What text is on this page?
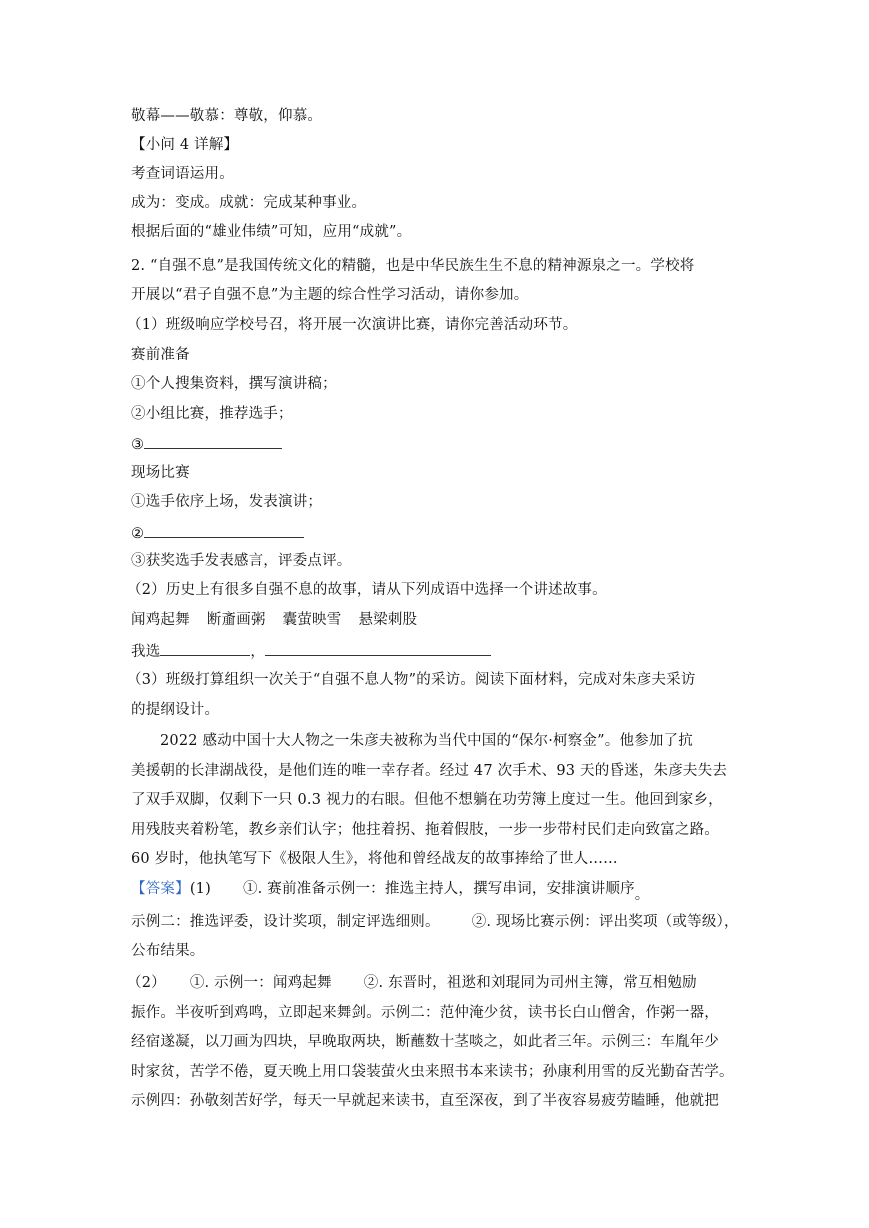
敬幕——敬慕：尊敬，仰慕。
【小问 4 详解】
考查词语运用。
成为：变成。成就：完成某种事业。
根据后面的“雄业伟绩”可知，应用“成就”。
2. “自强不息”是我国传统文化的精髓，也是中华民族生生不息的精神源泉之一。学校将
开展以“君子自强不息”为主题的综合性学习活动，请你参加。
（1）班级响应学校号召，将开展一次演讲比赛，请你完善活动环节。
赛前准备
①个人搜集资料，撰写演讲稿；
②小组比赛，推荐选手；
③
现场比赛
①选手依序上场，发表演讲；
②
③获奖选手发表感言，评委点评。
（2）历史上有很多自强不息的故事，请从下列成语中选择一个讲述故事。
闻鸡起舞 断齑画粥 囊萤映雪 悬梁刺股
我选	，
（3）班级打算组织一次关于“自强不息人物”的采访。阅读下面材料，完成对朱彦夫采访
的提纲设计。
2022 感动中国十大人物之一朱彦夫被称为当代中国的“保尔·柯察金”。他参加了抗
美援朝的长津湖战役，是他们连的唯一幸存者。经过 47 次手术、93 天的昏迷，朱彦夫失去
了双手双脚，仅剩下一只 0.3 视力的右眼。但他不想躺在功劳簿上度过一生。他回到家乡，
用残肢夹着粉笔，教乡亲们认字；他拄着拐、拖着假肢，一步一步带村民们走向致富之路。
60 岁时，他执笔写下《极限人生》，将他和曾经战友的故事捧给了世人……
【答案】(1) ①. 赛前准备示例一：推选主持人，撰写串词，安排演讲顺序。
示例二：推选评委，设计奖项，制定评选细则。 ②. 现场比赛示例：评出奖项（或等级），
公布结果。
（2） ①. 示例一：闻鸡起舞 ②. 东晋时，祖逖和刘琨同为司州主簿，常互相勉励
振作。半夜听到鸡鸣，立即起来舞剑。示例二：范仲淹少贫，读书长白山僧舍，作粥一器，
经宿遂凝，以刀画为四块，早晚取两块，断蘸数十茎啖之，如此者三年。示例三：车胤年少
时家贫，苦学不倦，夏天晚上用口袋装萤火虫来照书本来读书；孙康利用雪的反光勤奋苦学。
示例四：孙敬刻苦好学，每天一早就起来读书，直至深夜，到了半夜容易疲劳瞌睡，他就把
